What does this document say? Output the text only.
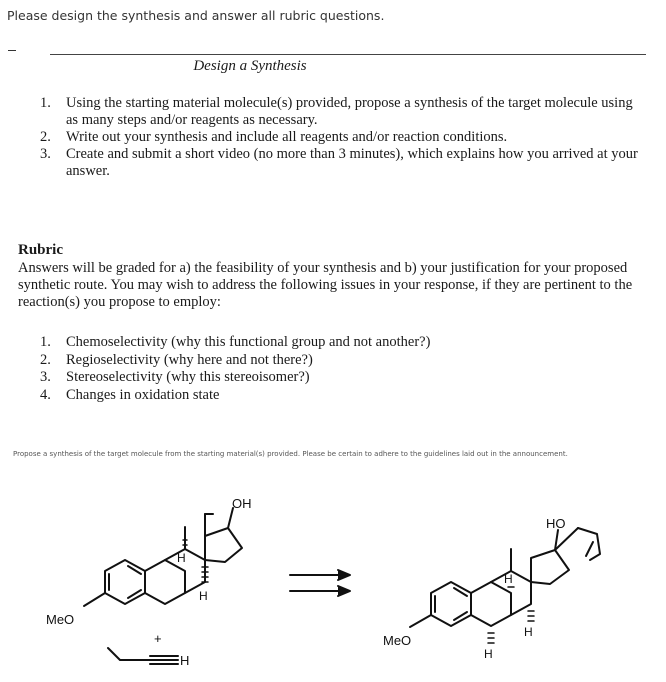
Please design the synthesis and answer all rubric questions.
Design a Synthesis
1. Using the starting material molecule(s) provided, propose a synthesis of the target molecule using as many steps and/or reagents as necessary.
2. Write out your synthesis and include all reagents and/or reaction conditions.
3. Create and submit a short video (no more than 3 minutes), which explains how you arrived at your answer.
Rubric
Answers will be graded for a) the feasibility of your synthesis and b) your justification for your proposed synthetic route. You may wish to address the following issues in your response, if they are pertinent to the reaction(s) you propose to employ:
1. Chemoselectivity (why this functional group and not another?)
2. Regioselectivity (why here and not there?)
3. Stereoselectivity (why this stereoisomer?)
4. Changes in oxidation state
Propose a synthesis of the target molecule from the starting material(s) provided. Please be certain to adhere to the guidelines laid out in the announcement.
OH
H
H
MeO
+
H
HO
H
H
H
MeO
